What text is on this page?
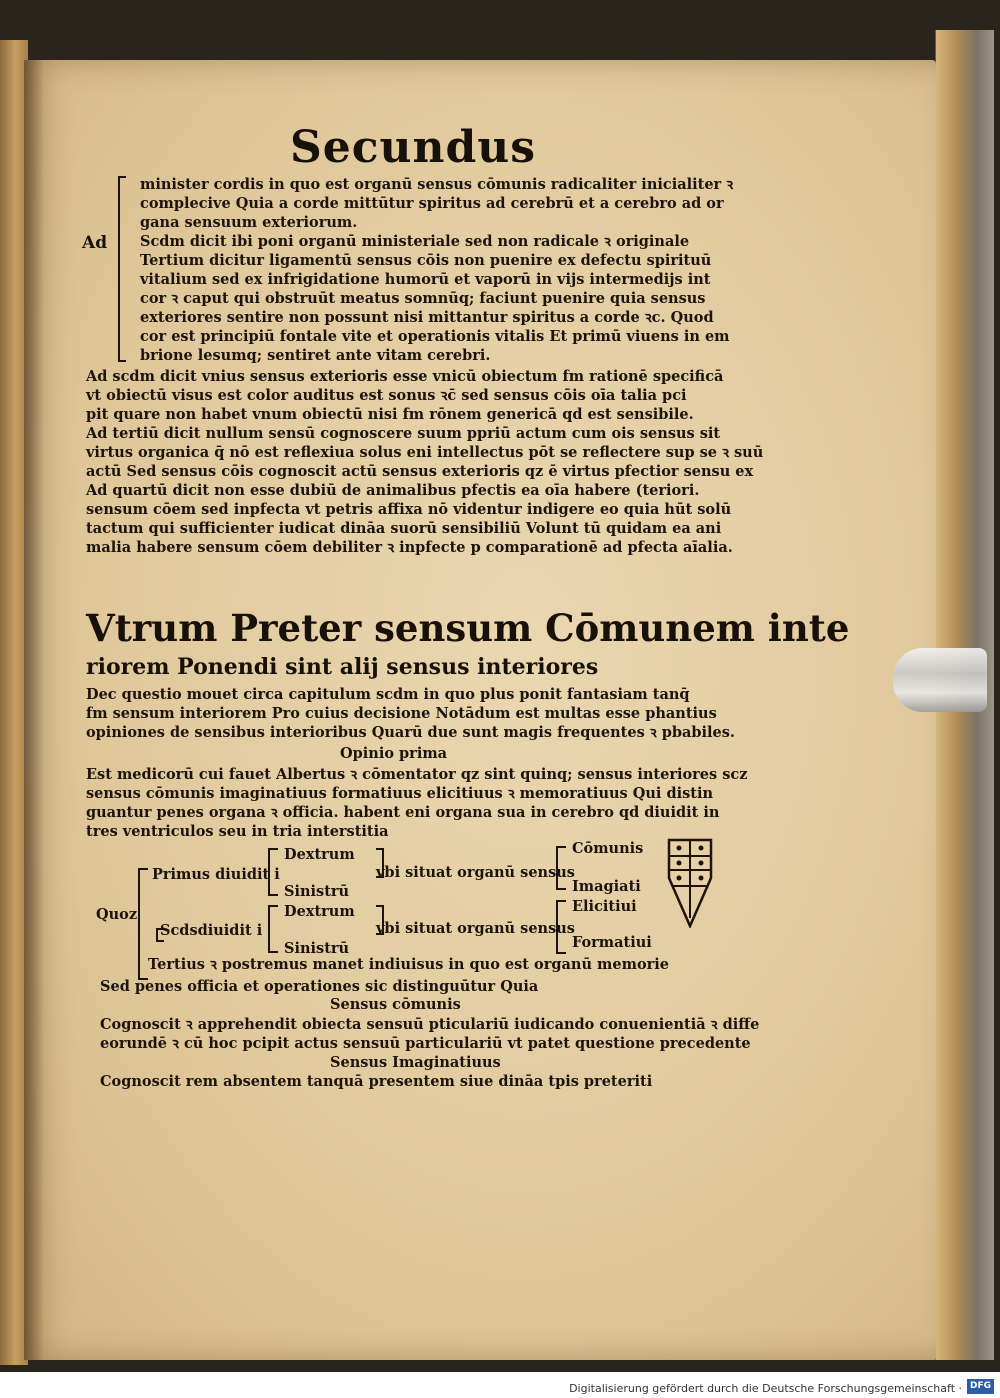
Secundus
Ad
minister cordis in quo est organū sensus cōmunis radicaliter inicialiter ꝛ
complecive Quia a corde mittūtur spiritus ad cerebrū et a cerebro ad or
gana sensuum exteriorum.
Scdm dicit ibi poni organū ministeriale sed non radicale ꝛ originale
Tertium dicitur ligamentū sensus cōis non puenire ex defectu spirituū
vitalium sed ex infrigidatione humorū et vaporū in vijs intermedijs int
cor ꝛ caput qui obstruūt meatus somnūq; faciunt puenire quia sensus
exteriores sentire non possunt nisi mittantur spiritus a corde ꝛc. Quod
cor est principiū fontale vite et operationis vitalis Et primū viuens in em
brione lesumq; sentiret ante vitam cerebri.
Ad scdm dicit vnius sensus exterioris esse vnicū obiectum fm rationē specificā
vt obiectū visus est color auditus est sonus ꝛc̄ sed sensus cōis oīa talia pci
pit quare non habet vnum obiectū nisi fm rōnem genericā qd est sensibile.
Ad tertiū dicit nullum sensū cognoscere suum ppriū actum cum ois sensus sit
virtus organica q̄ nō est reflexiua solus eni intellectus pōt se reflectere sup se ꝛ suū
actū Sed sensus cōis cognoscit actū sensus exterioris qz ē virtus pfectior sensu ex
Ad quartū dicit non esse dubiū de animalibus pfectis ea oīa habere (teriori.
sensum cōem sed inpfecta vt petris affixa nō videntur indigere eo quia hūt solū
tactum qui sufficienter iudicat dināa suorū sensibiliū Volunt tū quidam ea ani
malia habere sensum cōem debiliter ꝛ inpfecte p comparationē ad pfecta aīalia.
Vtrum Preter sensum Cōmunem inte
riorem Ponendi sint alij sensus interiores
Dec questio mouet circa capitulum scdm in quo plus ponit fantasiam tanq̄
fm sensum interiorem Pro cuius decisione Notādum est multas esse phantius
opiniones de sensibus interioribus Quarū due sunt magis frequentes ꝛ pbabiles.
Opinio prima
Est medicorū cui fauet Albertus ꝛ cōmentator qz sint quinq; sensus interiores scz
sensus cōmunis imaginatiuus formatiuus elicitiuus ꝛ memoratiuus Qui distin
guantur penes organa ꝛ officia. habent eni organa sua in cerebro qd diuidit in
tres ventriculos seu in tria interstitia
Quoz
Primus diuidit i
Scdsdiuidit i
Dextrum
Sinistrū
Dextrum
Sinistrū
vbi situat organū sensus
vbi situat organū sensus
Cōmunis
Imagiati
Elicitiui
Formatiui
Tertius ꝛ postremus manet indiuisus in quo est organū memorie
Sed penes officia et operationes sic distinguūtur Quia
Sensus cōmunis
Cognoscit ꝛ apprehendit obiecta sensuū pticulariū iudicando conuenientiā ꝛ diffe
eorundē ꝛ cū hoc pcipit actus sensuū particulariū vt patet questione precedente
Sensus Imaginatiuus
Cognoscit rem absentem tanquā presentem siue dināa tpis preteriti
Digitalisierung gefördert durch die Deutsche Forschungsgemeinschaft · DFG
